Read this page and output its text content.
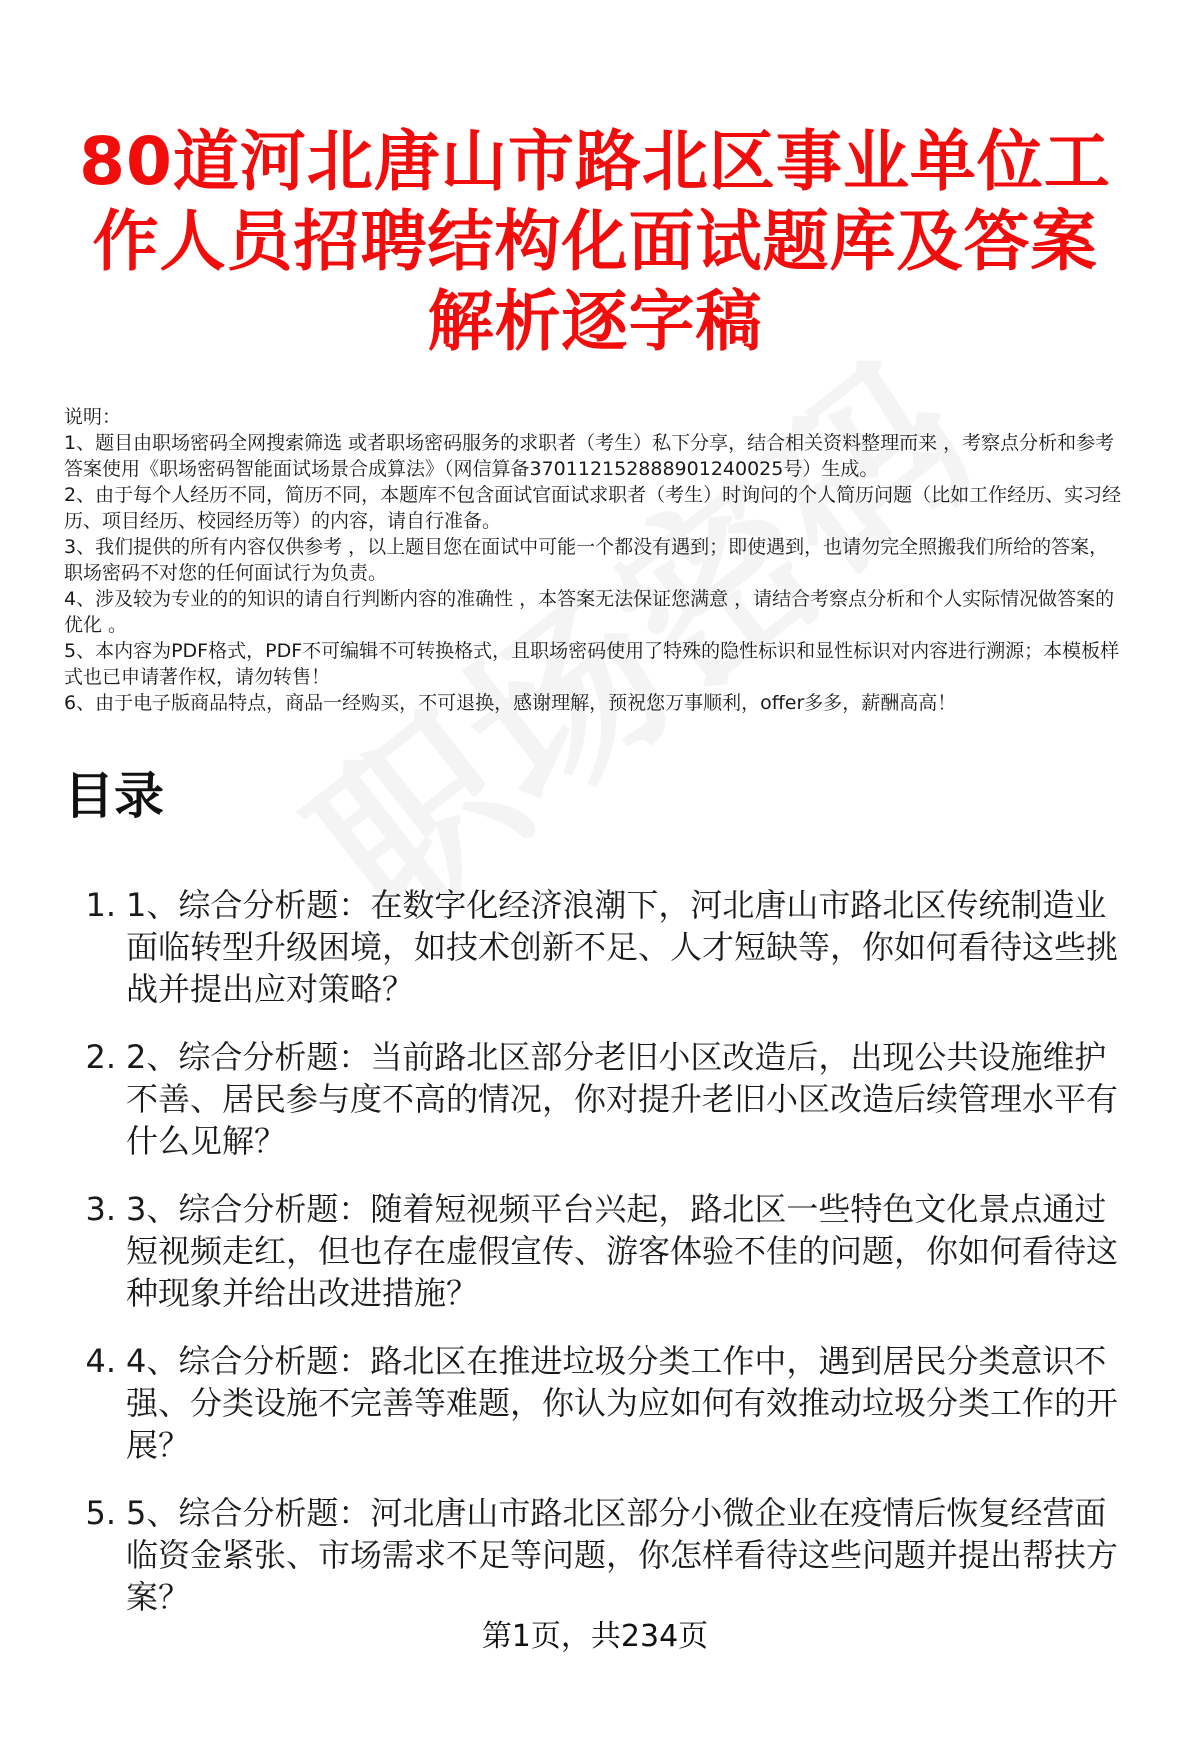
80道河北唐山市路北区事业单位工作人员招聘结构化面试题库及答案解析逐字稿

说明：

1、题目由职场密码全网搜索筛选 或者职场密码服务的求职者（考生）私下分享，结合相关资料整理而来 ，考察点分析和参考答案使用《职场密码智能面试场景合成算法》（网信算备370112152888901240025号）生成。

2、由于每个人经历不同，简历不同，本题库不包含面试官面试求职者（考生）时询问的个人简历问题（比如工作经历、实习经历、项目经历、校园经历等）的内容，请自行准备。

3、我们提供的所有内容仅供参考 ，以上题目您在面试中可能一个都没有遇到；即使遇到，也请勿完全照搬我们所给的答案，职场密码不对您的任何面试行为负责。

4、涉及较为专业的的知识的请自行判断内容的准确性 ，本答案无法保证您满意 ，请结合考察点分析和个人实际情况做答案的优化 。

5、本内容为PDF格式，PDF不可编辑不可转换格式，且职场密码使用了特殊的隐性标识和显性标识对内容进行溯源；本模板样式也已申请著作权，请勿转售！

6、由于电子版商品特点，商品一经购买，不可退换，感谢理解，预祝您万事顺利，offer多多，薪酬高高！

目录
1. 1、综合分析题：在数字化经济浪潮下，河北唐山市路北区传统制造业面临转型升级困境，如技术创新不足、人才短缺等，你如何看待这些挑战并提出应对策略？
2. 2、综合分析题：当前路北区部分老旧小区改造后，出现公共设施维护不善、居民参与度不高的情况，你对提升老旧小区改造后续管理水平有什么见解？
3. 3、综合分析题：随着短视频平台兴起，路北区一些特色文化景点通过短视频走红，但也存在虚假宣传、游客体验不佳的问题，你如何看待这种现象并给出改进措施？
4. 4、综合分析题：路北区在推进垃圾分类工作中，遇到居民分类意识不强、分类设施不完善等难题，你认为应如何有效推动垃圾分类工作的开展？
5. 5、综合分析题：河北唐山市路北区部分小微企业在疫情后恢复经营面临资金紧张、市场需求不足等问题，你怎样看待这些问题并提出帮扶方案？
第1页，共234页
